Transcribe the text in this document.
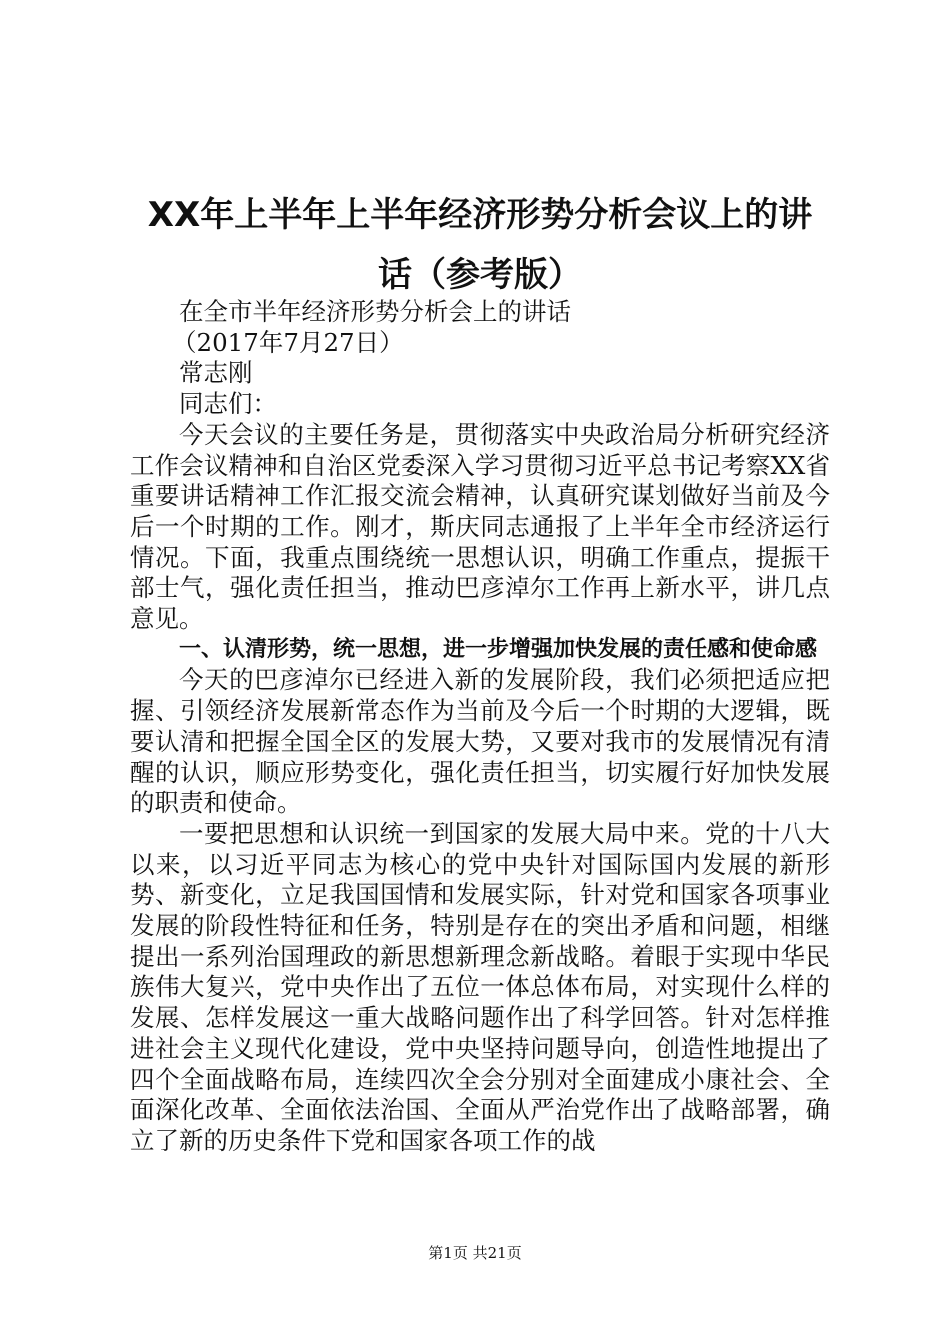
XX年上半年上半年经济形势分析会议上的讲
话（参考版）
在全市半年经济形势分析会上的讲话
（2017年7月27日）
常志刚
同志们：

今天会议的主要任务是，贯彻落实中央政治局分析研究经济工作会议精神和自治区党委深入学习贯彻习近平总书记考察XX省重要讲话精神工作汇报交流会精神，认真研究谋划做好当前及今后一个时期的工作。刚才，斯庆同志通报了上半年全市经济运行情况。下面，我重点围绕统一思想认识，明确工作重点，提振干部士气，强化责任担当，推动巴彦淖尔工作再上新水平，讲几点意见。

一、认清形势，统一思想，进一步增强加快发展的责任感和使命感

今天的巴彦淖尔已经进入新的发展阶段，我们必须把适应把握、引领经济发展新常态作为当前及今后一个时期的大逻辑，既要认清和把握全国全区的发展大势，又要对我市的发展情况有清醒的认识，顺应形势变化，强化责任担当，切实履行好加快发展的职责和使命。

一要把思想和认识统一到国家的发展大局中来。党的十八大以来，以习近平同志为核心的党中央针对国际国内发展的新形势、新变化，立足我国国情和发展实际，针对党和国家各项事业发展的阶段性特征和任务，特别是存在的突出矛盾和问题，相继提出一系列治国理政的新思想新理念新战略。着眼于实现中华民族伟大复兴，党中央作出了五位一体总体布局，对实现什么样的发展、怎样发展这一重大战略问题作出了科学回答。针对怎样推进社会主义现代化建设，党中央坚持问题导向，创造性地提出了四个全面战略布局，连续四次全会分别对全面建成小康社会、全面深化改革、全面依法治国、全面从严治党作出了战略部署，确立了新的历史条件下党和国家各项工作的战

第1页 共21页
